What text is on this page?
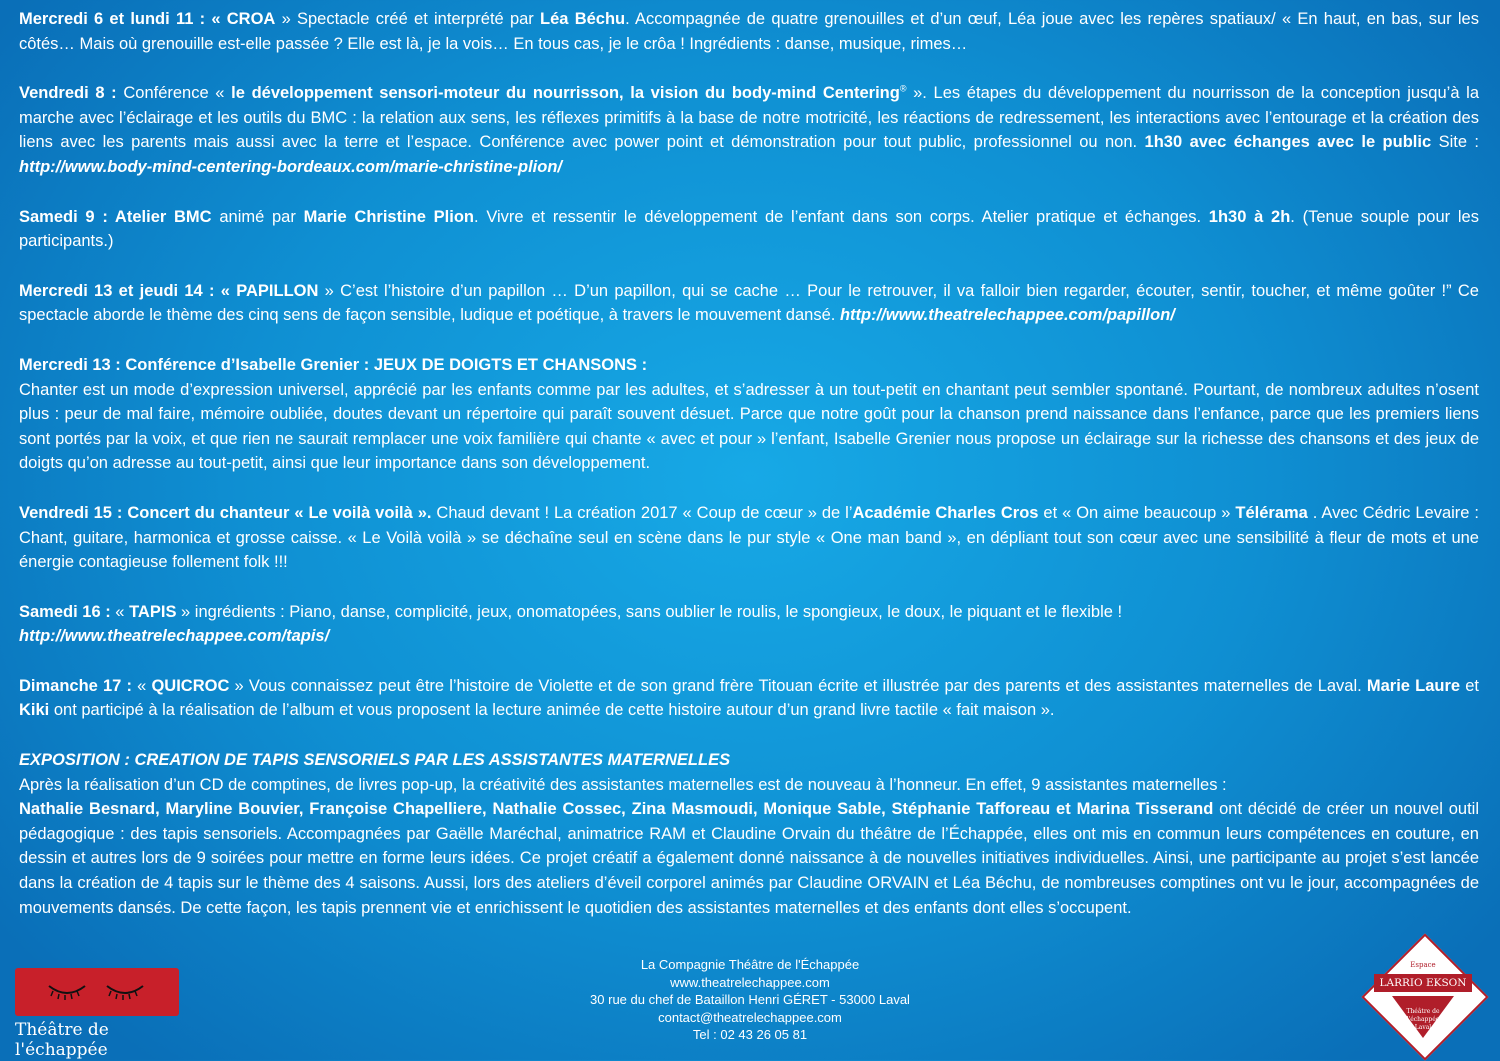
Mercredi 6 et lundi 11 : « CROA » Spectacle créé et interprété par Léa Béchu. Accompagnée de quatre grenouilles et d’un œuf, Léa joue avec les repères spatiaux/ « En haut, en bas, sur les côtés… Mais où grenouille est-elle passée ? Elle est là, je la vois… En tous cas, je le crôa ! Ingrédients : danse, musique, rimes…

Vendredi 8 : Conférence « le développement sensori-moteur du nourrisson, la vision du body-mind Centering® ». Les étapes du développement du nourrisson de la conception jusqu’à la marche avec l’éclairage et les outils du BMC : la relation aux sens, les réflexes primitifs à la base de notre motricité, les réactions de redressement, les interactions avec l’entourage et la création des liens avec les parents mais aussi avec la terre et l’espace. Conférence avec power point et démonstration pour tout public, professionnel ou non. 1h30 avec échanges avec le public Site : http://www.body-mind-centering-bordeaux.com/marie-christine-plion/

Samedi 9 : Atelier BMC animé par Marie Christine Plion. Vivre et ressentir le développement de l’enfant dans son corps. Atelier pratique et échanges. 1h30 à 2h. (Tenue souple pour les participants.)

Mercredi 13 et jeudi 14 : « PAPILLON » C’est l’histoire d’un papillon … D’un papillon, qui se cache … Pour le retrouver, il va falloir bien regarder, écouter, sentir, toucher, et même goûter !” Ce spectacle aborde le thème des cinq sens de façon sensible, ludique et poétique, à travers le mouvement dansé. http://www.theatrelechappee.com/papillon/

Mercredi 13 : Conférence d’Isabelle Grenier : JEUX DE DOIGTS ET CHANSONS :
Chanter est un mode d’expression universel, apprécié par les enfants comme par les adultes, et s’adresser à un tout-petit en chantant peut sembler spontané. Pourtant, de nombreux adultes n’osent plus : peur de mal faire, mémoire oubliée, doutes devant un répertoire qui paraît souvent désuet. Parce que notre goût pour la chanson prend naissance dans l’enfance, parce que les premiers liens sont portés par la voix, et que rien ne saurait remplacer une voix familière qui chante « avec et pour » l’enfant, Isabelle Grenier nous propose un éclairage sur la richesse des chansons et des jeux de doigts qu’on adresse au tout-petit, ainsi que leur importance dans son développement.

Vendredi 15 : Concert du chanteur « Le voilà voilà ». Chaud devant ! La création 2017 « Coup de cœur » de l’Académie Charles Cros et « On aime beaucoup » Télérama . Avec Cédric Levaire : Chant, guitare, harmonica et grosse caisse. « Le Voilà voilà » se déchaîne seul en scène dans le pur style « One man band », en dépliant tout son cœur avec une sensibilité à fleur de mots et une énergie contagieuse follement folk !!!

Samedi 16 : « TAPIS » ingrédients : Piano, danse, complicité, jeux, onomatopées, sans oublier le roulis, le spongieux, le doux, le piquant et le flexible !
http://www.theatrelechappee.com/tapis/

Dimanche 17 : « QUICROC » Vous connaissez peut être l’histoire de Violette et de son grand frère Titouan écrite et illustrée par des parents et des assistantes maternelles de Laval. Marie Laure et Kiki ont participé à la réalisation de l’album et vous proposent la lecture animée de cette histoire autour d’un grand livre tactile « fait maison ».

EXPOSITION : CREATION DE TAPIS SENSORIELS PAR LES ASSISTANTES MATERNELLES
Après la réalisation d’un CD de comptines, de livres pop-up, la créativité des assistantes maternelles est de nouveau à l’honneur. En effet, 9 assistantes maternelles :
Nathalie Besnard, Maryline Bouvier, Françoise Chapelliere, Nathalie Cossec, Zina Masmoudi, Monique Sable, Stéphanie Tafforeau et Marina Tisserand ont décidé de créer un nouvel outil pédagogique : des tapis sensoriels. Accompagnées par Gaëlle Maréchal, animatrice RAM et Claudine Orvain du théâtre de l’Échappée, elles ont mis en commun leurs compétences en couture, en dessin et autres lors de 9 soirées pour mettre en forme leurs idées. Ce projet créatif a également donné naissance à de nouvelles initiatives individuelles. Ainsi, une participante au projet s’est lancée dans la création de 4 tapis sur le thème des 4 saisons. Aussi, lors des ateliers d’éveil corporel animés par Claudine ORVAIN et Léa Béchu, de nombreuses comptines ont vu le jour, accompagnées de mouvements dansés. De cette façon, les tapis prennent vie et enrichissent le quotidien des assistantes maternelles et des enfants dont elles s’occupent.

Théâtre de l'échappée
La Compagnie Théâtre de l'Échappée
www.theatrelechappee.com
30 rue du chef de Bataillon Henri GÉRET - 53000 Laval
contact@theatrelechappee.com
Tel : 02 43 26 05 81
Espace
LARRIO EKSON
Théâtre de l'échappée
Laval
